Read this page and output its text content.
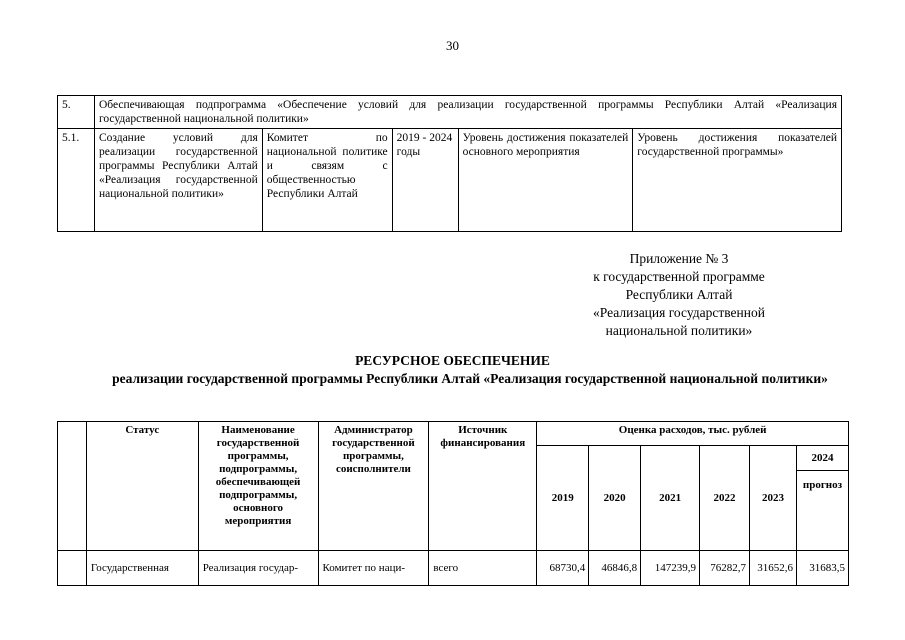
30
5.	Обеспечивающая подпрограмма «Обеспечение условий для реализации государственной программы Республики Алтай «Реализация государственной национальной политики»				
5.1.	Создание условий для реализации государственной программы Республики Алтай «Реализация государственной национальной политики»	Комитет по национальной политике и связям с общественностью Республики Алтай	2019 - 2024 годы	Уровень достижения показателей основного мероприятия	Уровень достижения показателей государственной программы»
Приложение № 3
к государственной программе
Республики Алтай
«Реализация государственной
национальной политики»
РЕСУРСНОЕ ОБЕСПЕЧЕНИЕ
реализации государственной программы Республики Алтай «Реализация государственной национальной политики»
	Статус	Наименование государственной программы, подпрограммы, обеспечивающей подпрограммы, основного мероприятия	Администратор государственной программы, соисполнители	Источник финансирования	Оценка расходов, тыс. рублей					
					2019	2020	2021	2022	2023	2024
										прогноз
	Государственная	Реализация государ-	Комитет по наци-	всего	68730,4	46846,8	147239,9	76282,7	31652,6	31683,5
